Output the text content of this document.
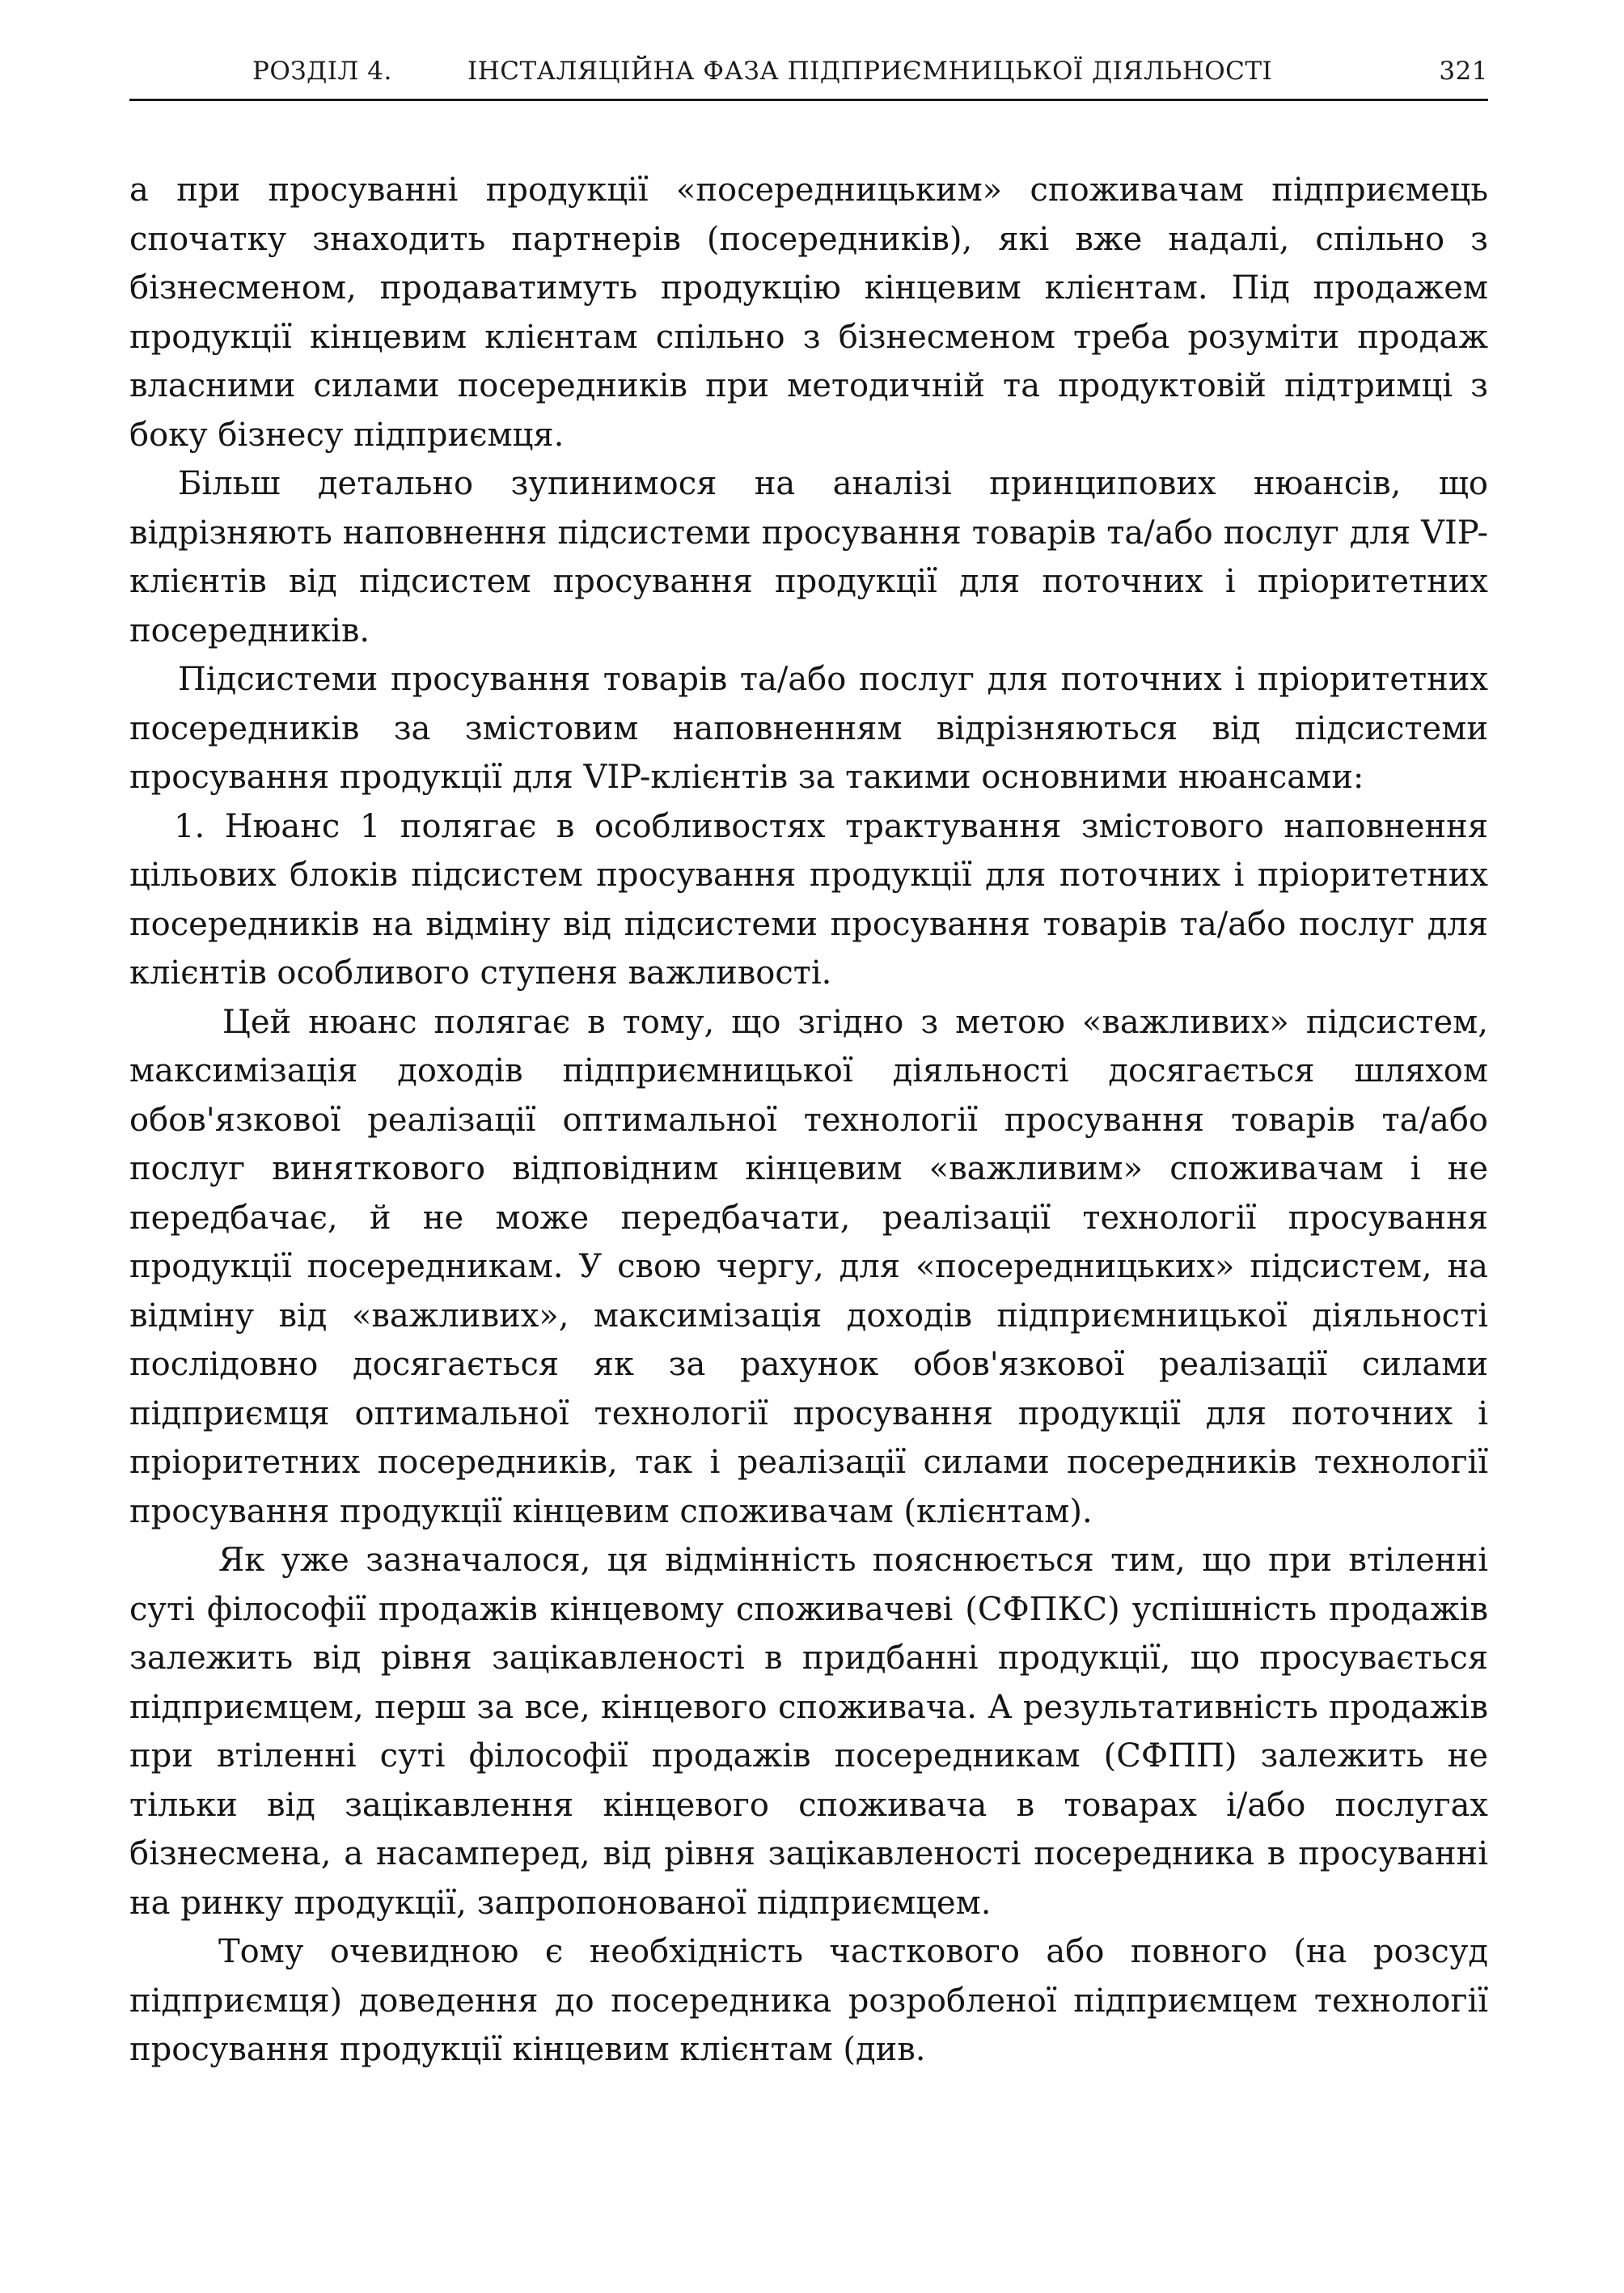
РОЗДІЛ 4.	ІНСТАЛЯЦІЙНА ФАЗА ПІДПРИЄМНИЦЬКОЇ ДІЯЛЬНОСТІ	321

а при просуванні продукції «посередницьким» споживачам підприємець спочатку знаходить партнерів (посередників), які вже надалі, спільно з бізнесменом, продаватимуть продукцію кінцевим клієнтам. Під продажем продукції кінцевим клієнтам спільно з бізнесменом треба розуміти продаж власними силами посередників при методичній та продуктовій підтримці з боку бізнесу підприємця.

Більш детально зупинимося на аналізі принципових нюансів, що відрізняють наповнення підсистеми просування товарів та/або послуг для VIP-клієнтів від підсистем просування продукції для поточних і пріоритетних посередників.

Підсистеми просування товарів та/або послуг для поточних і пріоритетних посередників за змістовим наповненням відрізняються від підсистеми просування продукції для VIP-клієнтів за такими основними нюансами:

1. Нюанс 1 полягає в особливостях трактування змістового наповнення цільових блоків підсистем просування продукції для поточних і пріоритетних посередників на відміну від підсистеми просування товарів та/або послуг для клієнтів особливого ступеня важливості.

Цей нюанс полягає в тому, що згідно з метою «важливих» підсистем, максимізація доходів підприємницької діяльності досягається шляхом обов'язкової реалізації оптимальної технології просування товарів та/або послуг виняткового відповідним кінцевим «важливим» споживачам і не передбачає, й не може передбачати, реалізації технології просування продукції посередникам. У свою чергу, для «посередницьких» підсистем, на відміну від «важливих», максимізація доходів підприємницької діяльності послідовно досягається як за рахунок обов'язкової реалізації силами підприємця оптимальної технології просування продукції для поточних і пріоритетних посередників, так і реалізації силами посередників технології просування продукції кінцевим споживачам (клієнтам).

Як уже зазначалося, ця відмінність пояснюється тим, що при втіленні суті філософії продажів кінцевому споживачеві (СФПКС) успішність продажів залежить від рівня зацікавленості в придбанні продукції, що просувається підприємцем, перш за все, кінцевого споживача. А результативність продажів при втіленні суті філософії продажів посередникам (СФПП) залежить не тільки від зацікавлення кінцевого споживача в товарах і/або послугах бізнесмена, а насамперед, від рівня зацікавленості посередника в просуванні на ринку продукції, запропонованої підприємцем.

Тому очевидною є необхідність часткового або повного (на розсуд підприємця) доведення до посередника розробленої підприємцем технології просування продукції кінцевим клієнтам (див.
